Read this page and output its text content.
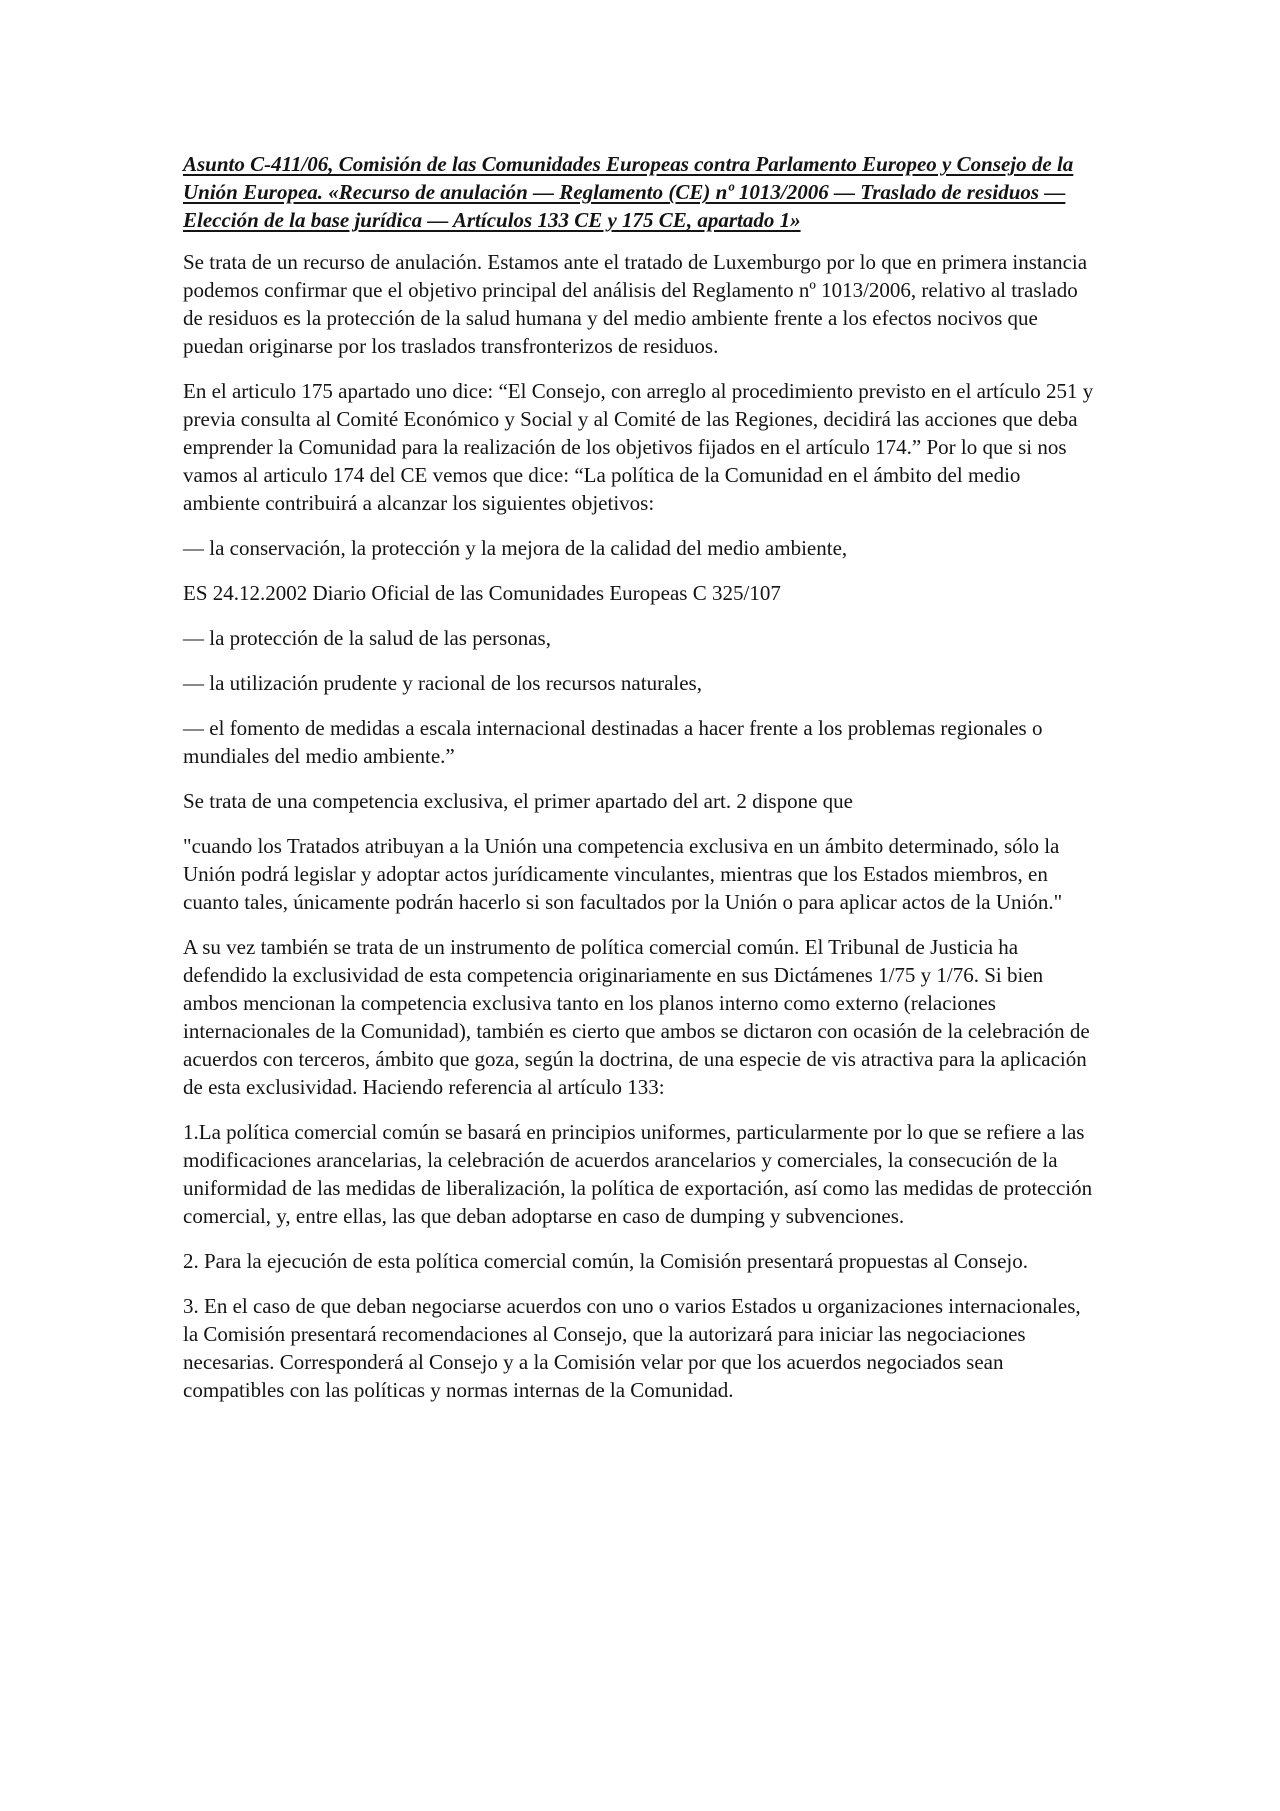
Asunto C-411/06, Comisión de las Comunidades Europeas contra Parlamento Europeo y Consejo de la Unión Europea. «Recurso de anulación — Reglamento (CE) nº 1013/2006 — Traslado de residuos — Elección de la base jurídica — Artículos 133 CE y 175 CE, apartado 1»

Se trata de un recurso de anulación. Estamos ante el tratado de Luxemburgo por lo que en primera instancia podemos confirmar que el objetivo principal del análisis del Reglamento nº 1013/2006, relativo al traslado de residuos es la protección de la salud humana y del medio ambiente frente a los efectos nocivos que puedan originarse por los traslados transfronterizos de residuos.

En el articulo 175 apartado uno dice: “El Consejo, con arreglo al procedimiento previsto en el artículo 251 y previa consulta al Comité Económico y Social y al Comité de las Regiones, decidirá las acciones que deba emprender la Comunidad para la realización de los objetivos fijados en el artículo 174.” Por lo que si nos vamos al articulo 174 del CE vemos que dice: “La política de la Comunidad en el ámbito del medio ambiente contribuirá a alcanzar los siguientes objetivos:

— la conservación, la protección y la mejora de la calidad del medio ambiente,

ES 24.12.2002 Diario Oficial de las Comunidades Europeas C 325/107

— la protección de la salud de las personas,

— la utilización prudente y racional de los recursos naturales,

— el fomento de medidas a escala internacional destinadas a hacer frente a los problemas regionales o mundiales del medio ambiente.”

Se trata de una competencia exclusiva, el primer apartado del art. 2 dispone que

"cuando los Tratados atribuyan a la Unión una competencia exclusiva en un ámbito determinado, sólo la Unión podrá legislar y adoptar actos jurídicamente vinculantes, mientras que los Estados miembros, en cuanto tales, únicamente podrán hacerlo si son facultados por la Unión o para aplicar actos de la Unión."

A su vez también se trata de un instrumento de política comercial común. El Tribunal de Justicia ha defendido la exclusividad de esta competencia originariamente en sus Dictámenes 1/75 y 1/76. Si bien ambos mencionan la competencia exclusiva tanto en los planos interno como externo (relaciones internacionales de la Comunidad), también es cierto que ambos se dictaron con ocasión de la celebración de acuerdos con terceros, ámbito que goza, según la doctrina, de una especie de vis atractiva para la aplicación de esta exclusividad. Haciendo referencia al artículo 133:

1.La política comercial común se basará en principios uniformes, particularmente por lo que se refiere a las modificaciones arancelarias, la celebración de acuerdos arancelarios y comerciales, la consecución de la uniformidad de las medidas de liberalización, la política de exportación, así como las medidas de protección comercial, y, entre ellas, las que deban adoptarse en caso de dumping y subvenciones.

2. Para la ejecución de esta política comercial común, la Comisión presentará propuestas al Consejo.

3. En el caso de que deban negociarse acuerdos con uno o varios Estados u organizaciones internacionales, la Comisión presentará recomendaciones al Consejo, que la autorizará para iniciar las negociaciones necesarias. Corresponderá al Consejo y a la Comisión velar por que los acuerdos negociados sean compatibles con las políticas y normas internas de la Comunidad.
